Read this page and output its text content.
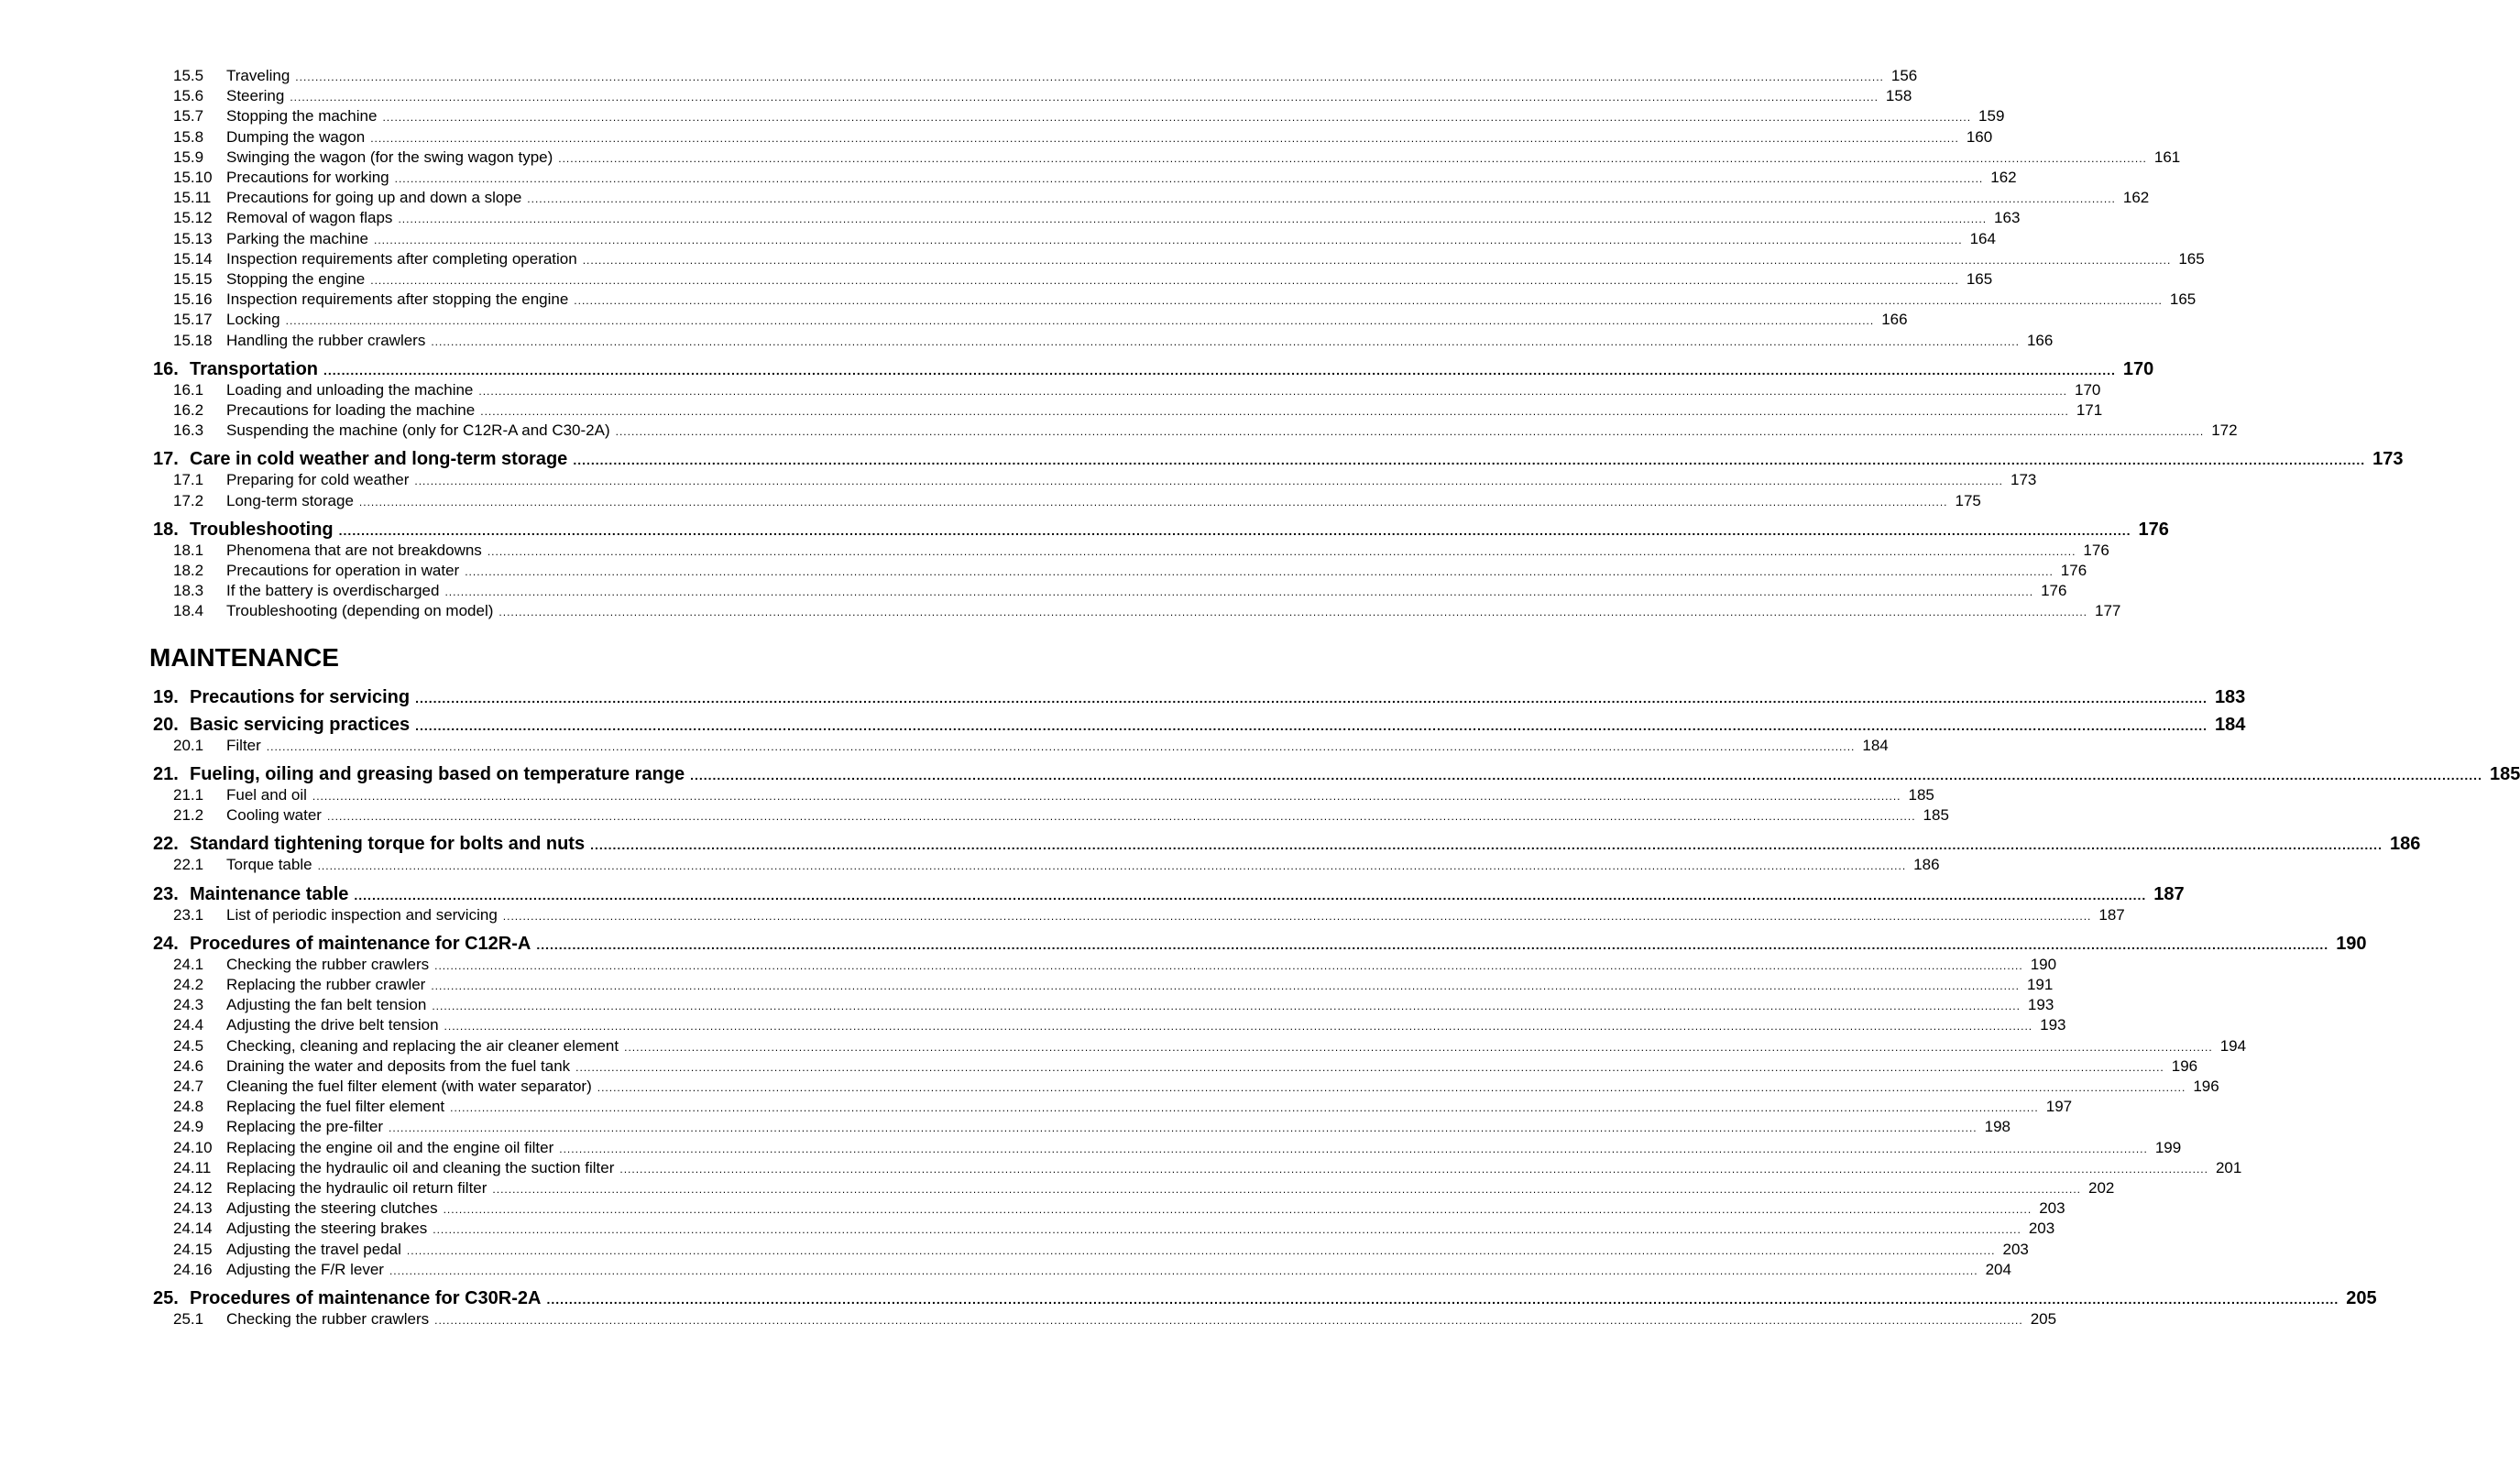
15.5	Traveling ................................................................................................................................................................................................................................................................................................................................................................................................................ 156
15.6	Steering ................................................................................................................................................................................................................................................................................................................................................................................................................ 158
15.7	Stopping the machine ................................................................................................................................................................................................................................................................................................................................................................................................................ 159
15.8	Dumping the wagon ................................................................................................................................................................................................................................................................................................................................................................................................................ 160
15.9	Swinging the wagon (for the swing wagon type) ................................................................................................................................................................................................................................................................................................................................................................................................................ 161
15.10 Precautions for working ................................................................................................................................................................................................................................................................................................................................................................................................................ 162
15.11 Precautions for going up and down a slope ................................................................................................................................................................................................................................................................................................................................................................................................................ 162
15.12 Removal of wagon flaps ................................................................................................................................................................................................................................................................................................................................................................................................................ 163
15.13 Parking the machine ................................................................................................................................................................................................................................................................................................................................................................................................................ 164
15.14 Inspection requirements after completing operation ................................................................................................................................................................................................................................................................................................................................................................................................................ 165
15.15 Stopping the engine ................................................................................................................................................................................................................................................................................................................................................................................................................ 165
15.16 Inspection requirements after stopping the engine ................................................................................................................................................................................................................................................................................................................................................................................................................ 165
15.17 Locking ................................................................................................................................................................................................................................................................................................................................................................................................................ 166
15.18 Handling the rubber crawlers ................................................................................................................................................................................................................................................................................................................................................................................................................ 166
16. Transportation ................................................................................................................................................................................................................................................................................................................................................................................................................ 170
16.1	Loading and unloading the machine ................................................................................................................................................................................................................................................................................................................................................................................................................ 170
16.2	Precautions for loading the machine ................................................................................................................................................................................................................................................................................................................................................................................................................ 171
16.3	Suspending the machine (only for C12R-A and C30-2A) ................................................................................................................................................................................................................................................................................................................................................................................................................ 172
17. Care in cold weather and long-term storage ................................................................................................................................................................................................................................................................................................................................................................................................................ 173
17.1	Preparing for cold weather ................................................................................................................................................................................................................................................................................................................................................................................................................ 173
17.2	Long-term storage ................................................................................................................................................................................................................................................................................................................................................................................................................ 175
18. Troubleshooting ................................................................................................................................................................................................................................................................................................................................................................................................................ 176
18.1	Phenomena that are not breakdowns ................................................................................................................................................................................................................................................................................................................................................................................................................ 176
18.2	Precautions for operation in water ................................................................................................................................................................................................................................................................................................................................................................................................................ 176
18.3	If the battery is overdischarged ................................................................................................................................................................................................................................................................................................................................................................................................................ 176
18.4	Troubleshooting (depending on model) ................................................................................................................................................................................................................................................................................................................................................................................................................ 177
MAINTENANCE
19. Precautions for servicing ................................................................................................................................................................................................................................................................................................................................................................................................................ 183
20. Basic servicing practices ................................................................................................................................................................................................................................................................................................................................................................................................................ 184
20.1	Filter ................................................................................................................................................................................................................................................................................................................................................................................................................ 184
21. Fueling, oiling and greasing based on temperature range ................................................................................................................................................................................................................................................................................................................................................................................................................ 185
21.1	Fuel and oil ................................................................................................................................................................................................................................................................................................................................................................................................................ 185
21.2	Cooling water ................................................................................................................................................................................................................................................................................................................................................................................................................ 185
22. Standard tightening torque for bolts and nuts ................................................................................................................................................................................................................................................................................................................................................................................................................ 186
22.1	Torque table ................................................................................................................................................................................................................................................................................................................................................................................................................ 186
23. Maintenance table ................................................................................................................................................................................................................................................................................................................................................................................................................ 187
23.1	List of periodic inspection and servicing ................................................................................................................................................................................................................................................................................................................................................................................................................ 187
24. Procedures of maintenance for C12R-A ................................................................................................................................................................................................................................................................................................................................................................................................................ 190
24.1	Checking the rubber crawlers ................................................................................................................................................................................................................................................................................................................................................................................................................ 190
24.2	Replacing the rubber crawler ................................................................................................................................................................................................................................................................................................................................................................................................................ 191
24.3	Adjusting the fan belt tension ................................................................................................................................................................................................................................................................................................................................................................................................................ 193
24.4	Adjusting the drive belt tension ................................................................................................................................................................................................................................................................................................................................................................................................................ 193
24.5	Checking, cleaning and replacing the air cleaner element ................................................................................................................................................................................................................................................................................................................................................................................................................ 194
24.6	Draining the water and deposits from the fuel tank ................................................................................................................................................................................................................................................................................................................................................................................................................ 196
24.7	Cleaning the fuel filter element (with water separator) ................................................................................................................................................................................................................................................................................................................................................................................................................ 196
24.8	Replacing the fuel filter element ................................................................................................................................................................................................................................................................................................................................................................................................................ 197
24.9	Replacing the pre-filter ................................................................................................................................................................................................................................................................................................................................................................................................................ 198
24.10 Replacing the engine oil and the engine oil filter ................................................................................................................................................................................................................................................................................................................................................................................................................ 199
24.11 Replacing the hydraulic oil and cleaning the suction filter ................................................................................................................................................................................................................................................................................................................................................................................................................ 201
24.12 Replacing the hydraulic oil return filter ................................................................................................................................................................................................................................................................................................................................................................................................................ 202
24.13 Adjusting the steering clutches ................................................................................................................................................................................................................................................................................................................................................................................................................ 203
24.14 Adjusting the steering brakes ................................................................................................................................................................................................................................................................................................................................................................................................................ 203
24.15 Adjusting the travel pedal ................................................................................................................................................................................................................................................................................................................................................................................................................ 203
24.16 Adjusting the F/R lever ................................................................................................................................................................................................................................................................................................................................................................................................................ 204
25. Procedures of maintenance for C30R-2A ................................................................................................................................................................................................................................................................................................................................................................................................................ 205
25.1	Checking the rubber crawlers ................................................................................................................................................................................................................................................................................................................................................................................................................ 205
